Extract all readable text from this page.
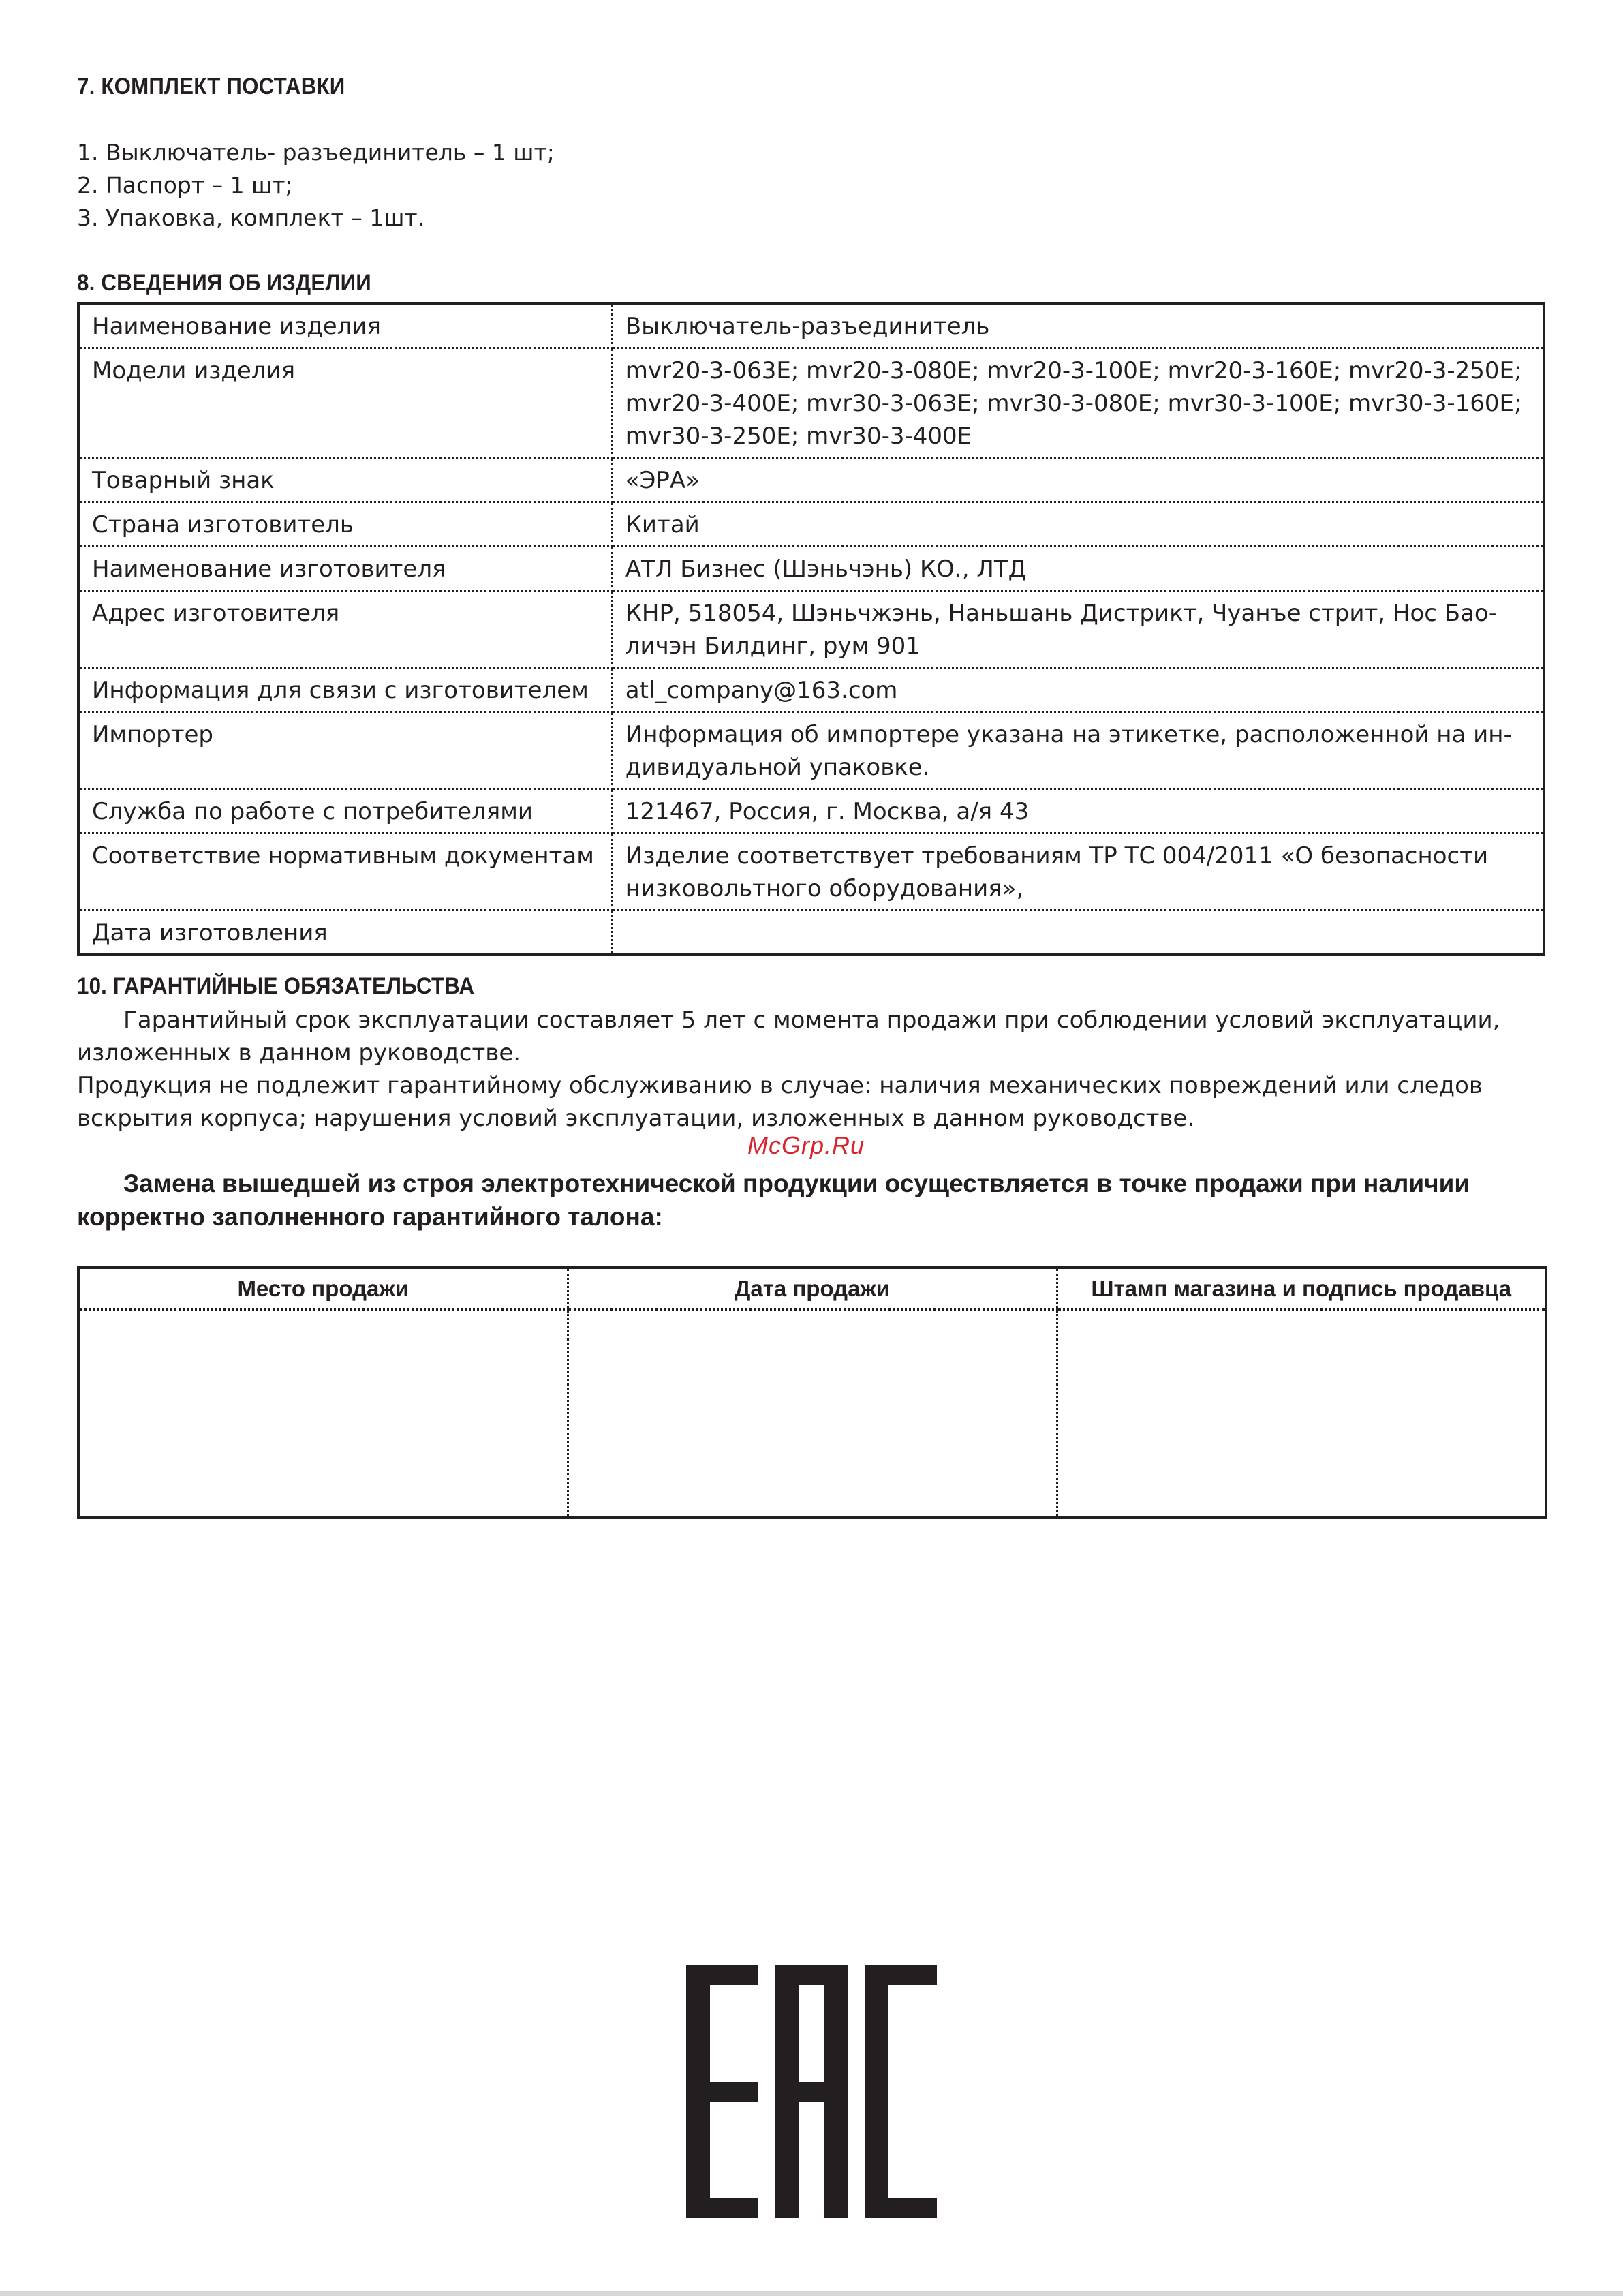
7. КОМПЛЕКТ ПОСТАВКИ
1. Выключатель- разъединитель – 1 шт;
2. Паспорт – 1 шт;
3. Упаковка, комплект – 1шт.
8. СВЕДЕНИЯ ОБ ИЗДЕЛИИ
Наименование изделия	Выключатель-разъединитель
Модели изделия	mvr20-3-063E; mvr20-3-080E; mvr20-3-100E; mvr20-3-160E; mvr20-3-250E; mvr20-3-400E; mvr30-3-063E; mvr30-3-080E; mvr30-3-100E; mvr30-3-160E; mvr30-3-250E; mvr30-3-400E
Товарный знак	«ЭРА»
Страна изготовитель	Китай
Наименование изготовителя	АТЛ Бизнес (Шэньчэнь) КО., ЛТД
Адрес изготовителя	КНР, 518054, Шэньчжэнь, Наньшань Дистрикт, Чуанъе стрит, Нос Бао-личэн Билдинг, рум 901
Информация для связи с изготовителем	atl_company@163.com
Импортер	Информация об импортере указана на этикетке, расположенной на ин-дивидуальной упаковке.
Служба по работе с потребителями	121467, Россия, г. Москва, а/я 43
Соответствие нормативным документам	Изделие соответствует требованиям ТР ТС 004/2011 «О безопасности низковольтного оборудования»,
Дата изготовления	
10. ГАРАНТИЙНЫЕ ОБЯЗАТЕЛЬСТВА

Гарантийный срок эксплуатации составляет 5 лет с момента продажи при соблюдении условий эксплуатации, изложенных в данном руководстве.

Продукция не подлежит гарантийному обслуживанию в случае: наличия механических повреждений или следов вскрытия корпуса; нарушения условий эксплуатации, изложенных в данном руководстве.

McGrp.Ru

Замена вышедшей из строя электротехнической продукции осуществляется в точке продажи при наличии корректно заполненного гарантийного талона:

Место продажи	Дата продажи	Штамп магазина и подпись продавца
